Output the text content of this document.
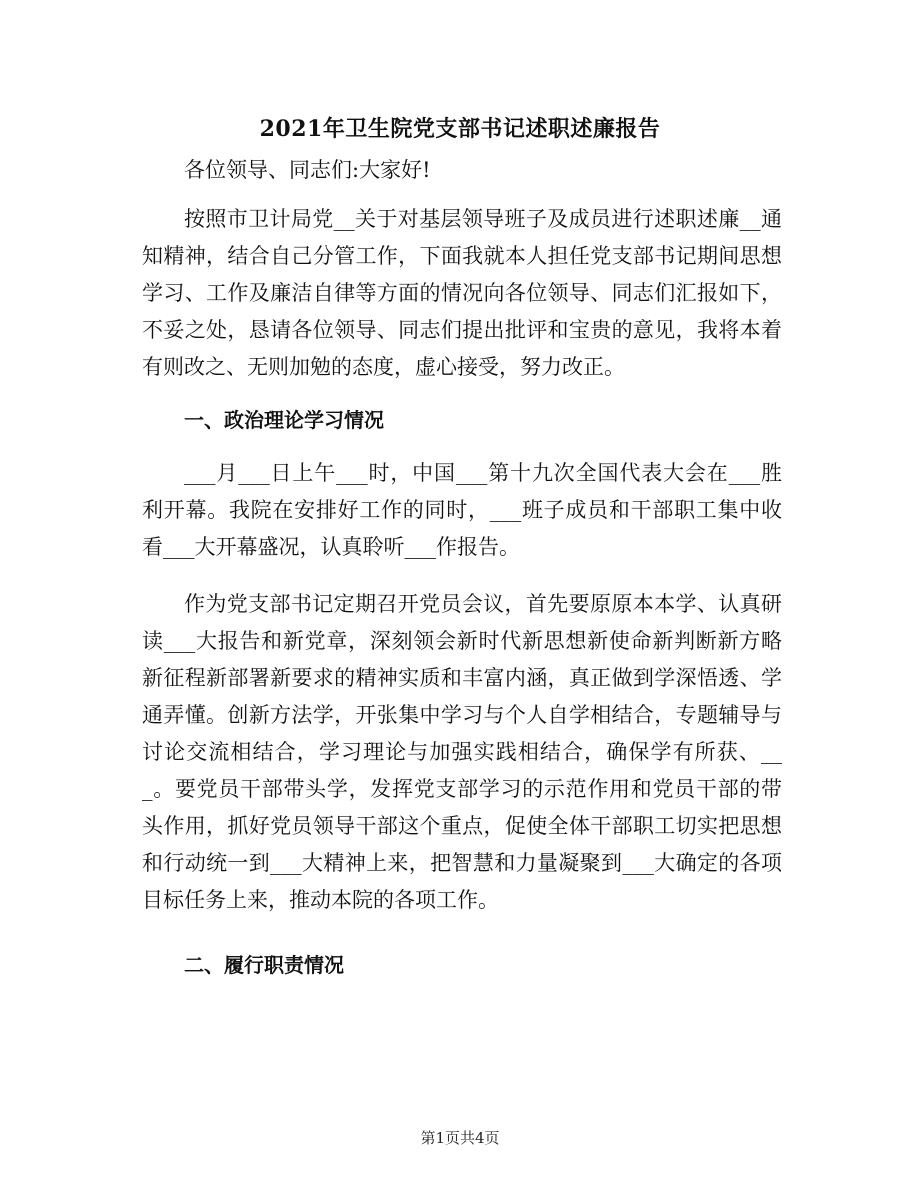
2021年卫生院党支部书记述职述廉报告

各位领导、同志们:大家好!

按照市卫计局党__关于对基层领导班子及成员进行述职述廉__通知精神，结合自己分管工作，下面我就本人担任党支部书记期间思想学习、工作及廉洁自律等方面的情况向各位领导、同志们汇报如下，不妥之处，恳请各位领导、同志们提出批评和宝贵的意见，我将本着有则改之、无则加勉的态度，虚心接受，努力改正。

一、政治理论学习情况

___月___日上午___时，中国___第十九次全国代表大会在___胜利开幕。我院在安排好工作的同时，___班子成员和干部职工集中收看___大开幕盛况，认真聆听___作报告。

作为党支部书记定期召开党员会议，首先要原原本本学、认真研读___大报告和新党章，深刻领会新时代新思想新使命新判断新方略新征程新部署新要求的精神实质和丰富内涵，真正做到学深悟透、学通弄懂。创新方法学，开张集中学习与个人自学相结合，专题辅导与讨论交流相结合，学习理论与加强实践相结合，确保学有所获、___。要党员干部带头学，发挥党支部学习的示范作用和党员干部的带头作用，抓好党员领导干部这个重点，促使全体干部职工切实把思想和行动统一到___大精神上来，把智慧和力量凝聚到___大确定的各项目标任务上来，推动本院的各项工作。

二、履行职责情况

第1页共4页
